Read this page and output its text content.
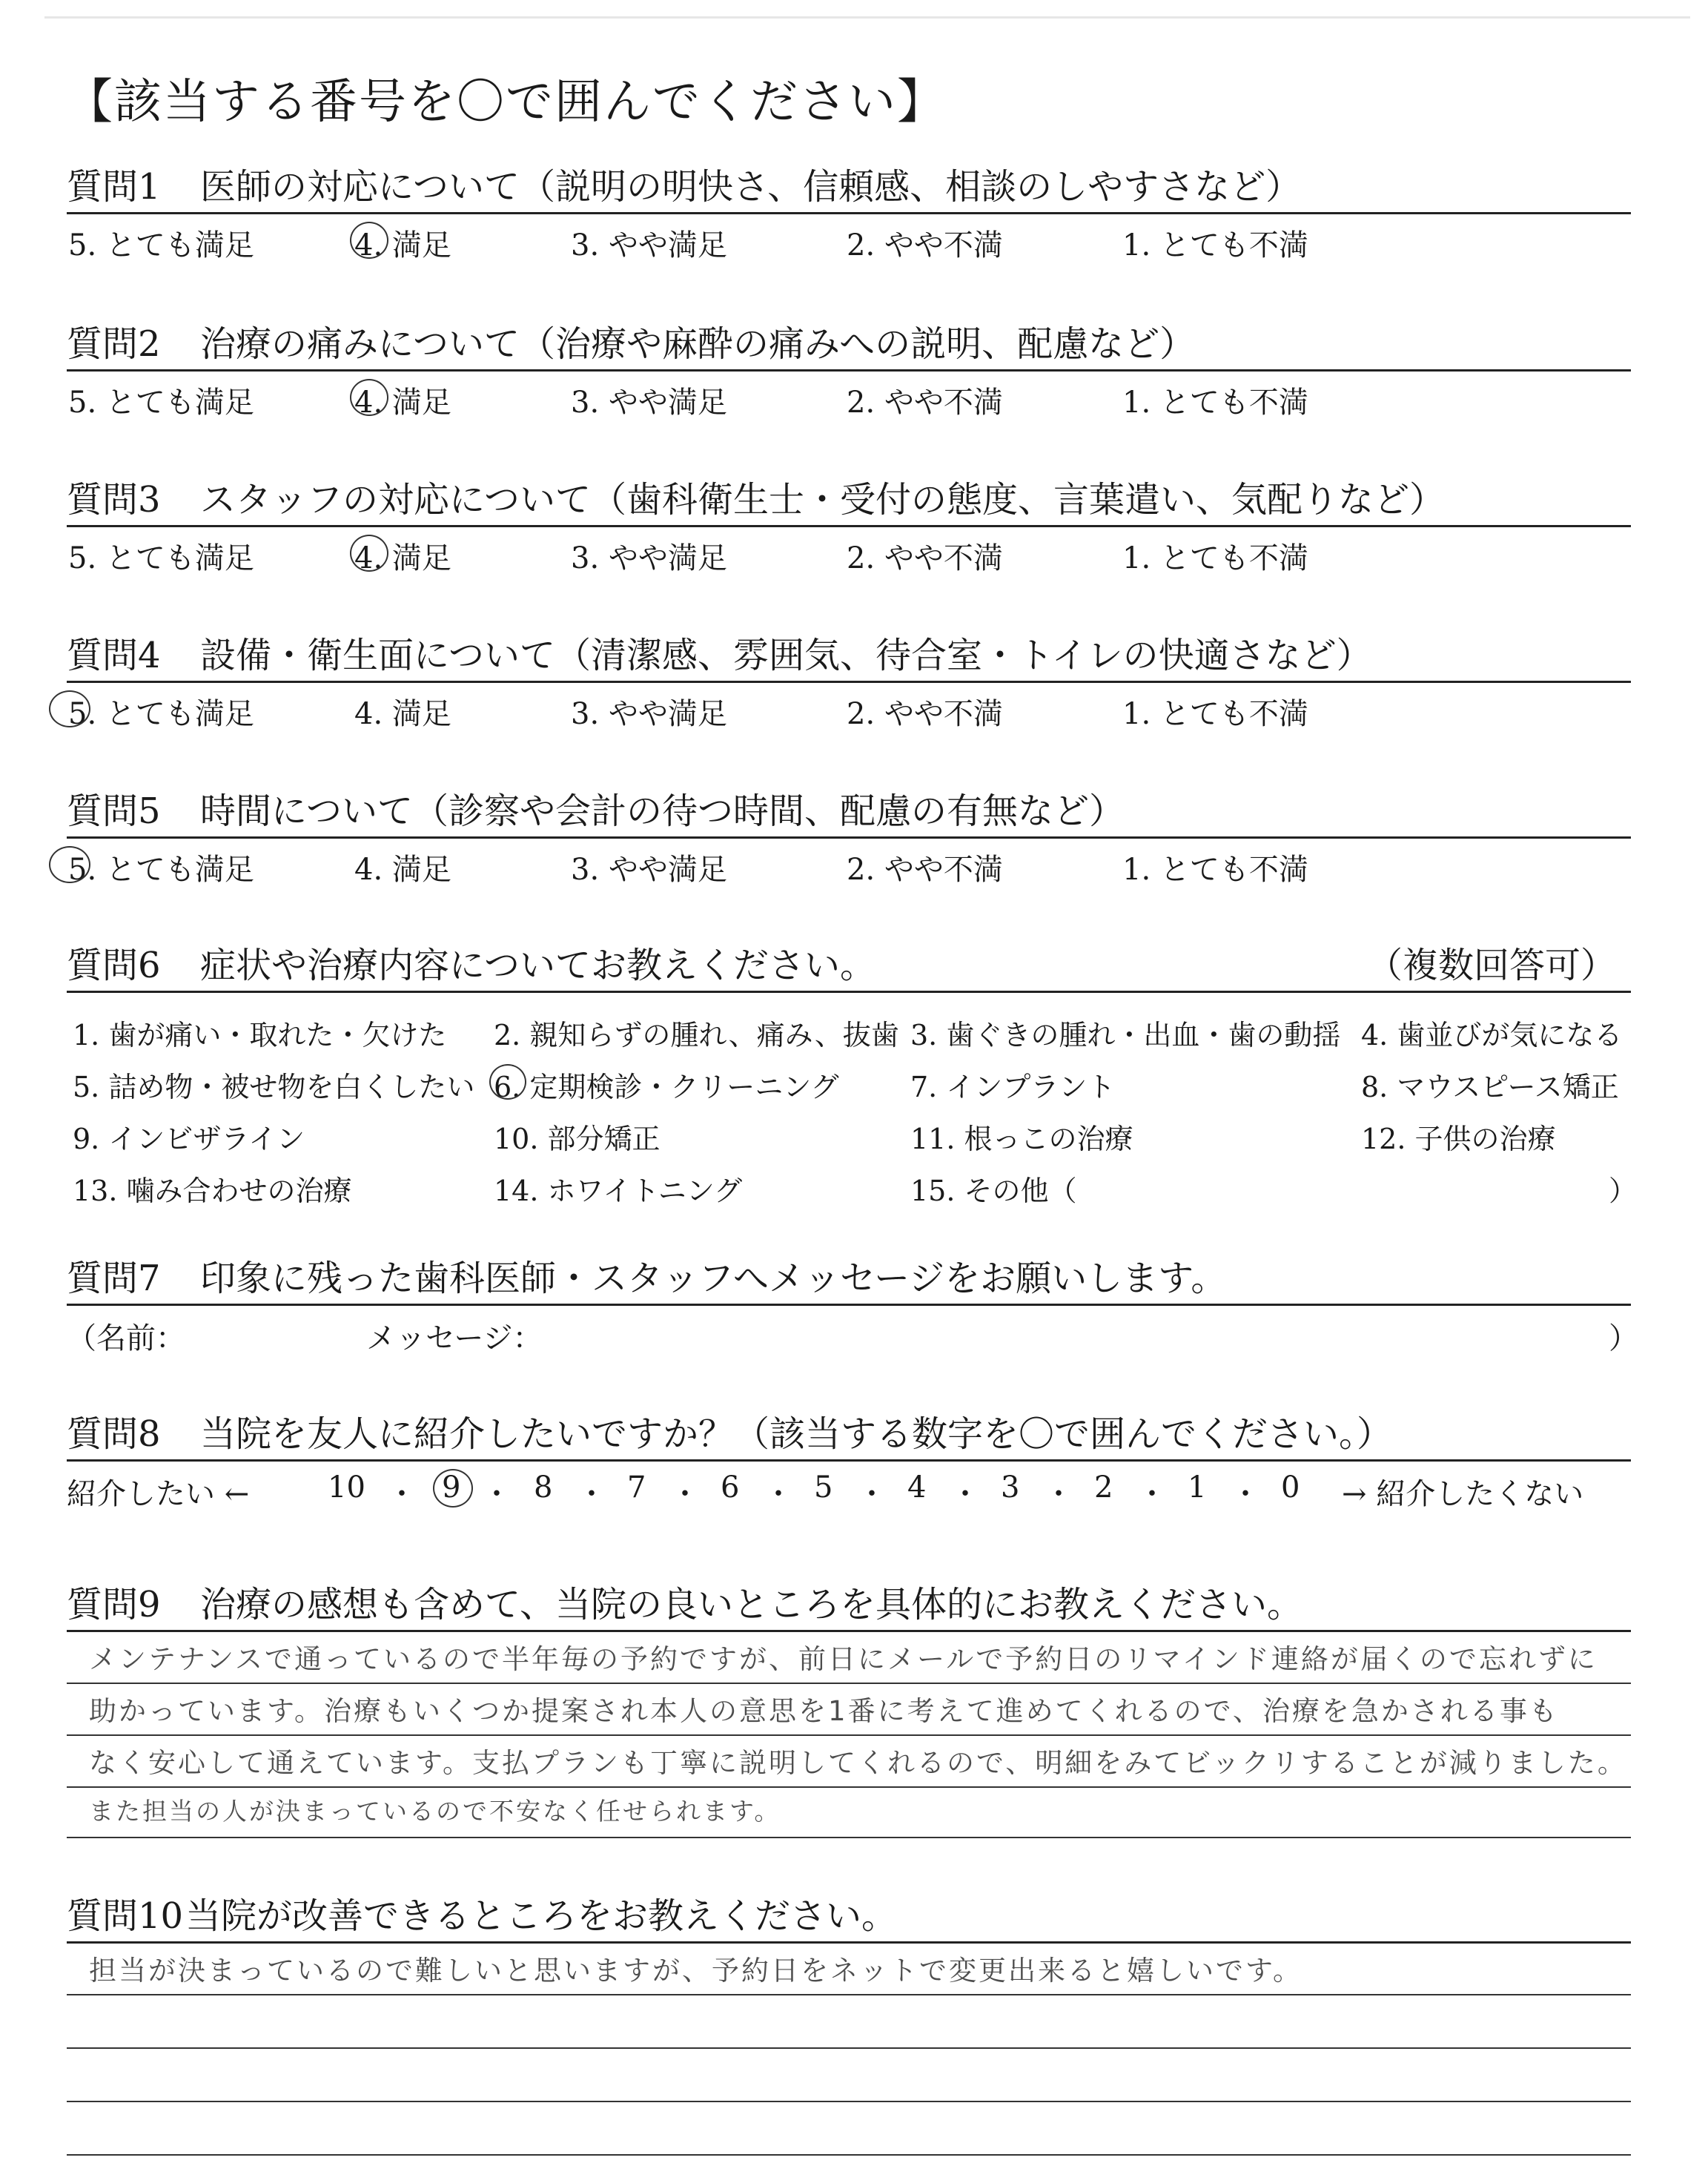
【該当する番号を〇で囲んでください】
質問1 医師の対応について（説明の明快さ、信頼感、相談のしやすさなど）
5. とても満足	4. 満足	3. やや満足	2. やや不満	1. とても不満
質問2 治療の痛みについて（治療や麻酔の痛みへの説明、配慮など）
5. とても満足	4. 満足	3. やや満足	2. やや不満	1. とても不満
質問3 スタッフの対応について（歯科衛生士・受付の態度、言葉遣い、気配りなど）
5. とても満足	4. 満足	3. やや満足	2. やや不満	1. とても不満
質問4 設備・衛生面について（清潔感、雰囲気、待合室・トイレの快適さなど）
5. とても満足	4. 満足	3. やや満足	2. やや不満	1. とても不満
質問5 時間について（診察や会計の待つ時間、配慮の有無など）
5. とても満足	4. 満足	3. やや満足	2. やや不満	1. とても不満
質問6 症状や治療内容についてお教えください。	（複数回答可）
1. 歯が痛い・取れた・欠けた 2. 親知らずの腫れ、痛み、抜歯 3. 歯ぐきの腫れ・出血・歯の動揺 4. 歯並びが気になる
5. 詰め物・被せ物を白くしたい 6. 定期検診・クリーニング	7. インプラント	8. マウスピース矯正
9. インビザライン	10. 部分矯正	11. 根っこの治療	12. 子供の治療
13. 噛み合わせの治療	14. ホワイトニング	15. その他（	）
質問7 印象に残った歯科医師・スタッフへメッセージをお願いします。
（名前：	メッセージ：	）
質問8 当院を友人に紹介したいですか？（該当する数字を〇で囲んでください。）
紹介したい ←	10 ・ 9 ・ 8 ・ 7 ・ 6 ・ 5 ・ 4 ・ 3 ・ 2 ・ 1 ・ 0 → 紹介したくない
質問9 治療の感想も含めて、当院の良いところを具体的にお教えください。
メンテナンスで通っているので半年毎の予約ですが、前日にメールで予約日のリマインド連絡が届くので忘れずに
助かっています。治療もいくつか提案され本人の意思を1番に考えて進めてくれるので、治療を急かされる事も
なく安心して通えています。支払プランも丁寧に説明してくれるので、明細をみてビックリすることが減りました。
また担当の人が決まっているので不安なく任せられます。
質問10当院が改善できるところをお教えください。
担当が決まっているので難しいと思いますが、予約日をネットで変更出来ると嬉しいです。
